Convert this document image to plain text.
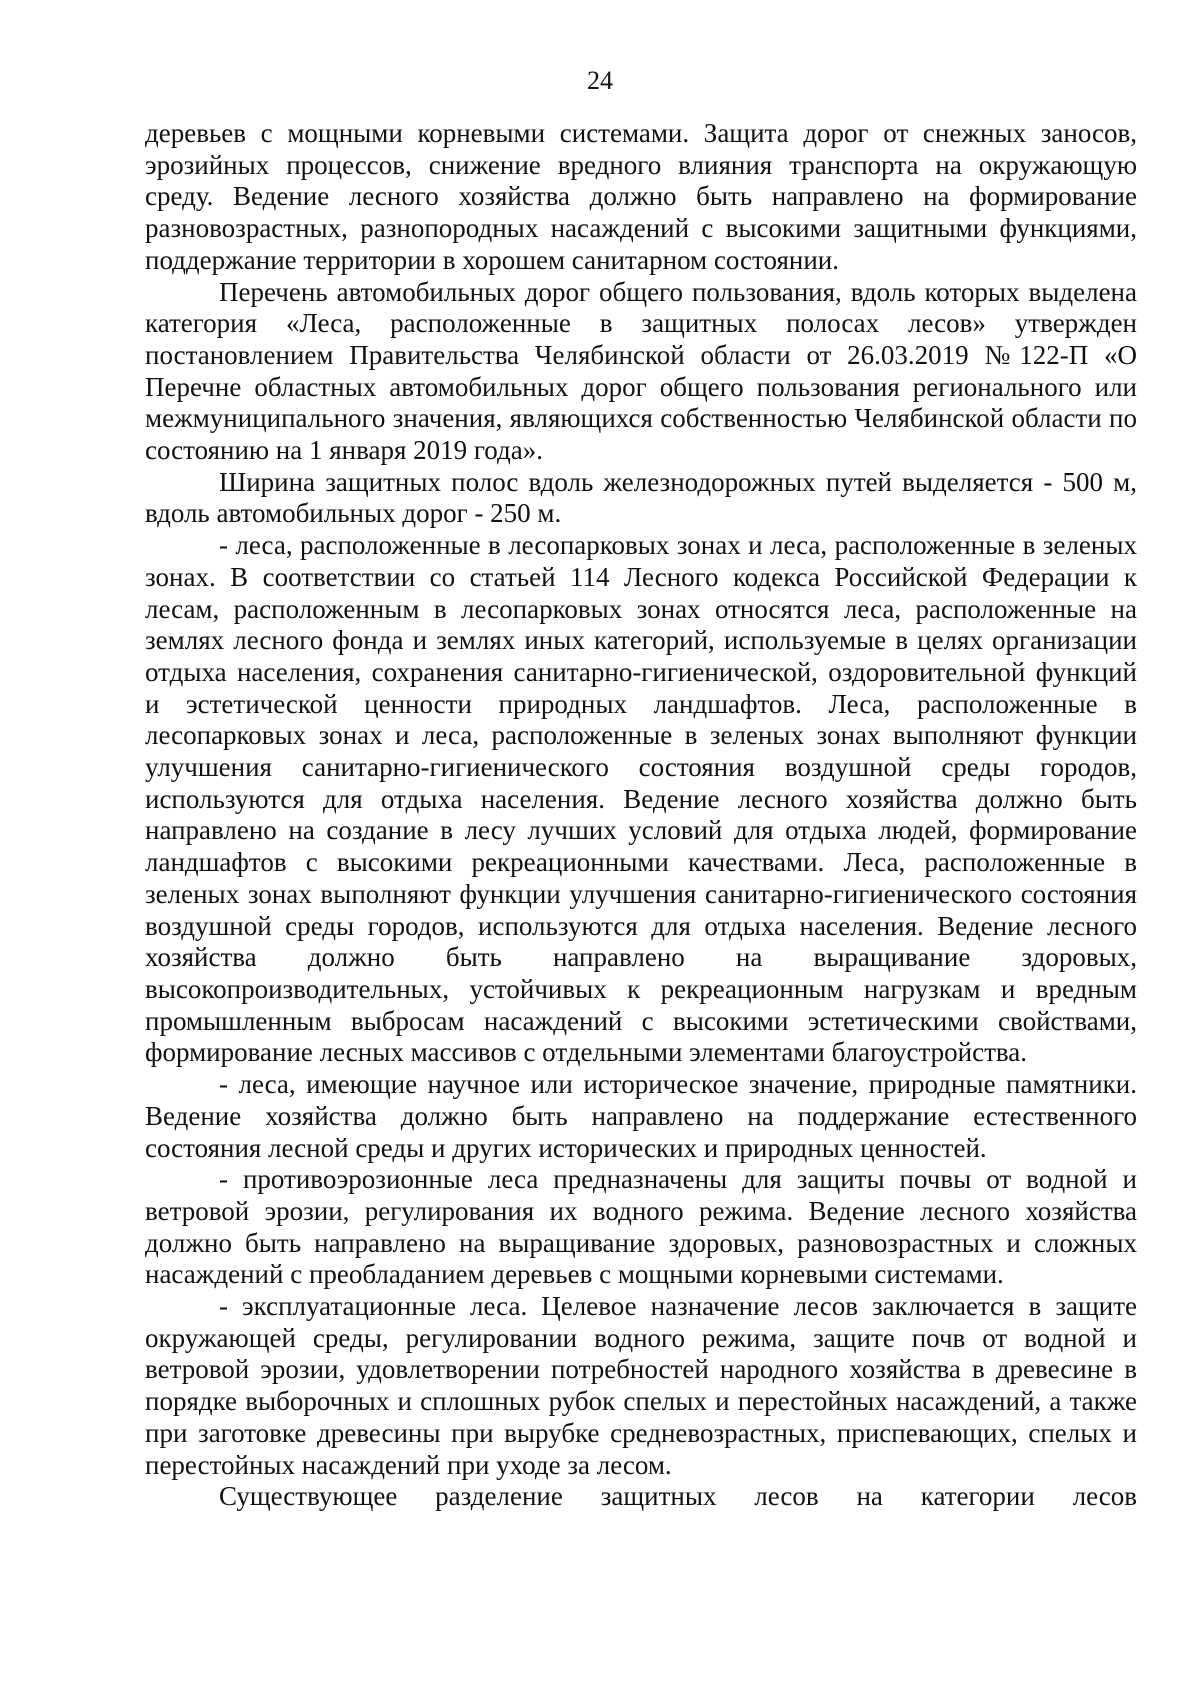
24

деревьев с мощными корневыми системами. Защита дорог от снежных заносов, эрозийных процессов, снижение вредного влияния транспорта на окружающую среду. Ведение лесного хозяйства должно быть направлено на формирование разновозрастных, разнопородных насаждений с высокими защитными функциями, поддержание территории в хорошем санитарном состоянии.

Перечень автомобильных дорог общего пользования, вдоль которых выделена категория «Леса, расположенные в защитных полосах лесов» утвержден постановлением Правительства Челябинской области от 26.03.2019 №122-П «О Перечне областных автомобильных дорог общего пользования регионального или межмуниципального значения, являющихся собственностью Челябинской области по состоянию на 1 января 2019 года».

Ширина защитных полос вдоль железнодорожных путей выделяется - 500 м, вдоль автомобильных дорог - 250 м.

- леса, расположенные в лесопарковых зонах и леса, расположенные в зеленых зонах. В соответствии со статьей 114 Лесного кодекса Российской Федерации к лесам, расположенным в лесопарковых зонах относятся леса, расположенные на землях лесного фонда и землях иных категорий, используемые в целях организации отдыха населения, сохранения санитарно-гигиенической, оздоровительной функций и эстетической ценности природных ландшафтов. Леса, расположенные в лесопарковых зонах и леса, расположенные в зеленых зонах выполняют функции улучшения санитарно-гигиенического состояния воздушной среды городов, используются для отдыха населения. Ведение лесного хозяйства должно быть направлено на создание в лесу лучших условий для отдыха людей, формирование ландшафтов с высокими рекреационными качествами. Леса, расположенные в зеленых зонах выполняют функции улучшения санитарно-гигиенического состояния воздушной среды городов, используются для отдыха населения. Ведение лесного хозяйства должно быть направлено на выращивание здоровых, высокопроизводительных, устойчивых к рекреационным нагрузкам и вредным промышленным выбросам насаждений с высокими эстетическими свойствами, формирование лесных массивов с отдельными элементами благоустройства.

- леса, имеющие научное или историческое значение, природные памятники. Ведение хозяйства должно быть направлено на поддержание естественного состояния лесной среды и других исторических и природных ценностей.

- противоэрозионные леса предназначены для защиты почвы от водной и ветровой эрозии, регулирования их водного режима. Ведение лесного хозяйства должно быть направлено на выращивание здоровых, разновозрастных и сложных насаждений с преобладанием деревьев с мощными корневыми системами.

- эксплуатационные леса. Целевое назначение лесов заключается в защите окружающей среды, регулировании водного режима, защите почв от водной и ветровой эрозии, удовлетворении потребностей народного хозяйства в древесине в порядке выборочных и сплошных рубок спелых и перестойных насаждений, а также при заготовке древесины при вырубке средневозрастных, приспевающих, спелых и перестойных насаждений при уходе за лесом.

Существующее разделение защитных лесов на категории лесов
